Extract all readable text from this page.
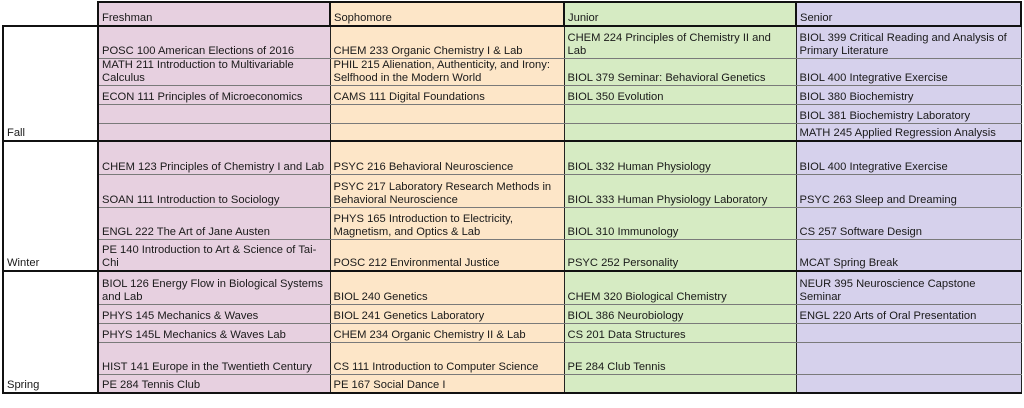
	Freshman	Sophomore	Junior	Senior
Fall	POSC 100 American Elections of 2016	CHEM 233 Organic Chemistry I & Lab	CHEM 224 Principles of Chemistry II and Lab	BIOL 399 Critical Reading and Analysis of Primary Literature
	MATH 211 Introduction to Multivariable Calculus	PHIL 215 Alienation, Authenticity, and Irony: Selfhood in the Modern World	BIOL 379 Seminar: Behavioral Genetics	BIOL 400 Integrative Exercise
	ECON 111 Principles of Microeconomics	CAMS 111 Digital Foundations	BIOL 350 Evolution	BIOL 380 Biochemistry
				BIOL 381 Biochemistry Laboratory
				MATH 245 Applied Regression Analysis
Winter	CHEM 123 Principles of Chemistry I and Lab	PSYC 216 Behavioral Neuroscience	BIOL 332 Human Physiology	BIOL 400 Integrative Exercise
	SOAN 111 Introduction to Sociology	PSYC 217 Laboratory Research Methods in Behavioral Neuroscience	BIOL 333 Human Physiology Laboratory	PSYC 263 Sleep and Dreaming
	ENGL 222 The Art of Jane Austen	PHYS 165 Introduction to Electricity, Magnetism, and Optics & Lab	BIOL 310 Immunology	CS 257 Software Design
	PE 140 Introduction to Art & Science of Tai-Chi	POSC 212 Environmental Justice	PSYC 252 Personality	MCAT Spring Break
Spring	BIOL 126 Energy Flow in Biological Systems and Lab	BIOL 240 Genetics	CHEM 320 Biological Chemistry	NEUR 395 Neuroscience Capstone Seminar
	PHYS 145 Mechanics & Waves	BIOL 241 Genetics Laboratory	BIOL 386 Neurobiology	ENGL 220 Arts of Oral Presentation
	PHYS 145L Mechanics & Waves Lab	CHEM 234 Organic Chemistry II & Lab	CS 201 Data Structures	
	HIST 141 Europe in the Twentieth Century	CS 111 Introduction to Computer Science	PE 284 Club Tennis	
	PE 284 Tennis Club	PE 167 Social Dance I		
